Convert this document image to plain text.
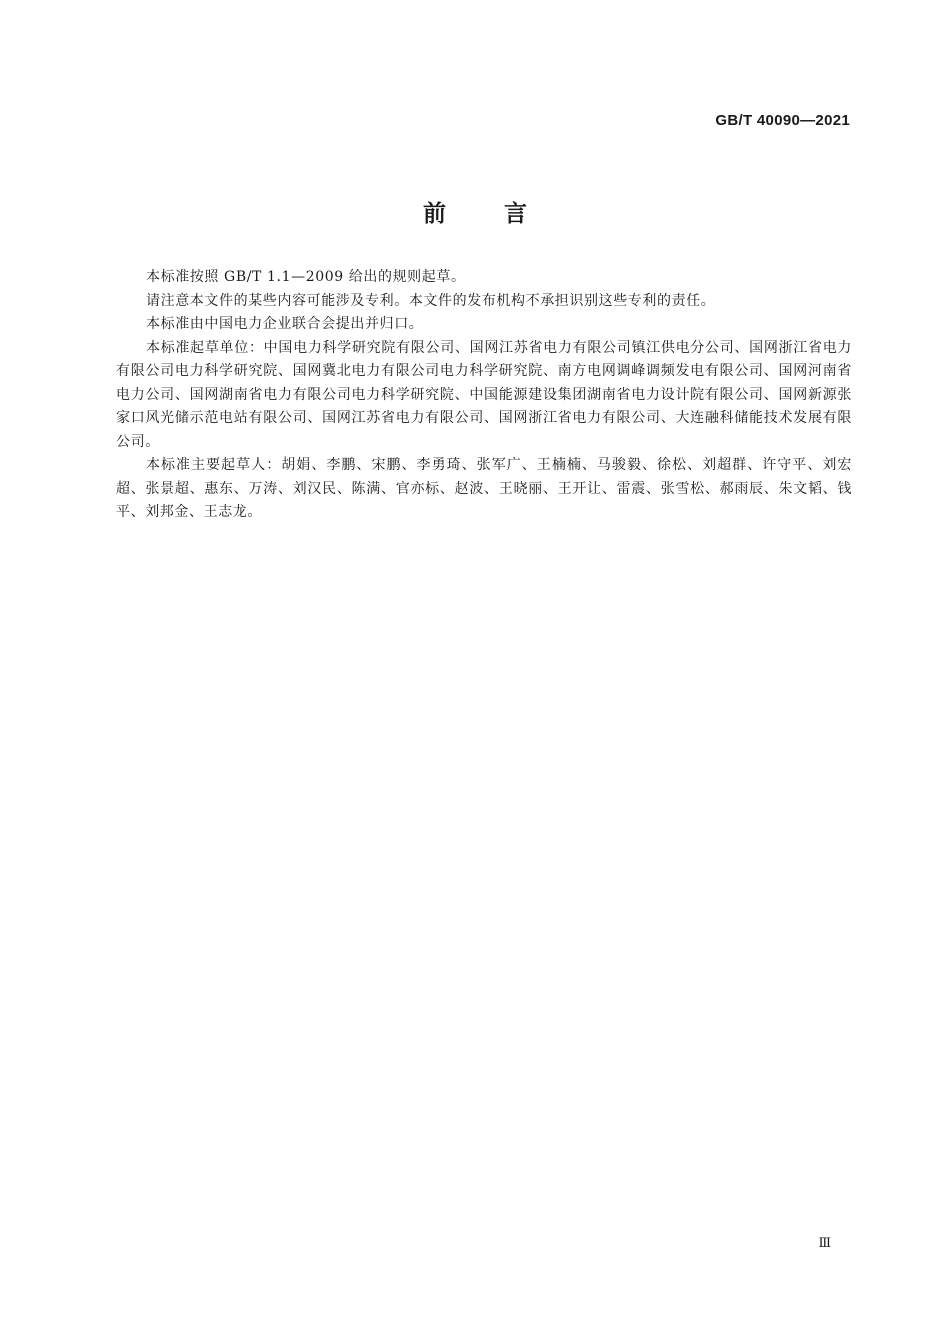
GB/T 40090—2021
前言

本标准按照 GB/T 1.1—2009 给出的规则起草。

请注意本文件的某些内容可能涉及专利。本文件的发布机构不承担识别这些专利的责任。

本标准由中国电力企业联合会提出并归口。

本标准起草单位：中国电力科学研究院有限公司、国网江苏省电力有限公司镇江供电分公司、国网浙江省电力有限公司电力科学研究院、国网冀北电力有限公司电力科学研究院、南方电网调峰调频发电有限公司、国网河南省电力公司、国网湖南省电力有限公司电力科学研究院、中国能源建设集团湖南省电力设计院有限公司、国网新源张家口风光储示范电站有限公司、国网江苏省电力有限公司、国网浙江省电力有限公司、大连融科储能技术发展有限公司。

本标准主要起草人：胡娟、李鹏、宋鹏、李勇琦、张军广、王楠楠、马骏毅、徐松、刘超群、许守平、刘宏超、张景超、惠东、万涛、刘汉民、陈满、官亦标、赵波、王晓丽、王开让、雷震、张雪松、郝雨辰、朱文韬、钱平、刘邦金、王志龙。

Ⅲ
